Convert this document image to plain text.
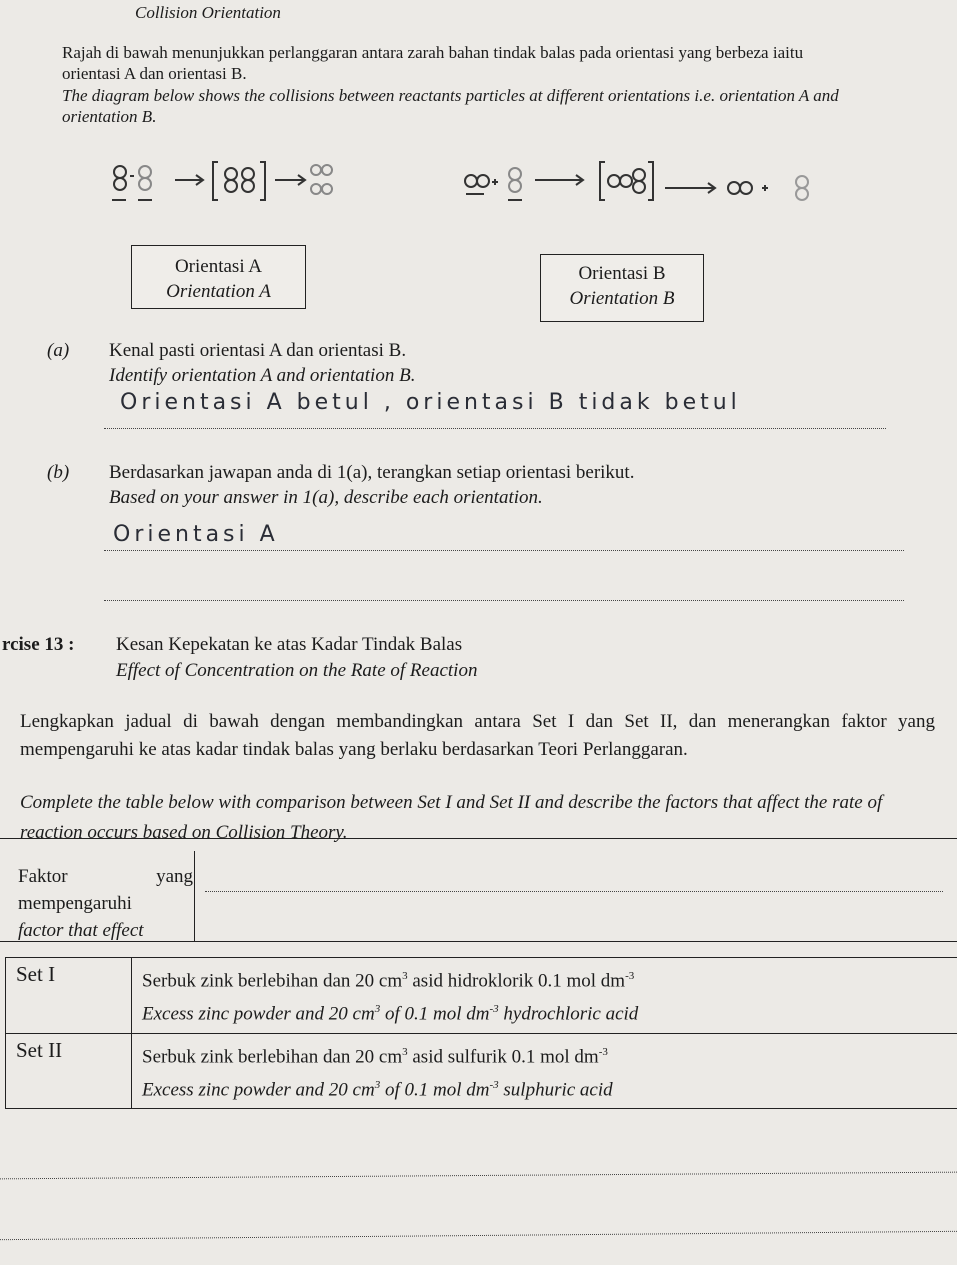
Collision Orientation
Rajah di bawah menunjukkan perlanggaran antara zarah bahan tindak balas pada orientasi yang berbeza iaitu orientasi A dan orientasi B.
The diagram below shows the collisions between reactants particles at different orientations i.e. orientation A and orientation B.
Orientasi A
Orientation A
Orientasi B
Orientation B
(a) Kenal pasti orientasi A dan orientasi B.
Identify orientation A and orientation B.
Orientasi A betul , orientasi B tidak betul
(b) Berdasarkan jawapan anda di 1(a), terangkan setiap orientasi berikut.
Based on your answer in 1(a), describe each orientation.
Orientasi A
rcise 13 : Kesan Kepekatan ke atas Kadar Tindak Balas
Effect of Concentration on the Rate of Reaction
Lengkapkan jadual di bawah dengan membandingkan antara Set I dan Set II, dan menerangkan faktor yang mempengaruhi ke atas kadar tindak balas yang berlaku berdasarkan Teori Perlanggaran.
Complete the table below with comparison between Set I and Set II and describe the factors that affect the rate of reaction occurs based on Collision Theory.
Faktor	yang
mempengaruhi
factor that effect
Set I	Serbuk zink berlebihan dan 20 $cm^3$ asid hidroklorik 0.1 mol $dm^{-3}$
Excess zinc powder and 20 $cm^3$ of 0.1 mol $dm^{-3}$ hydrochloric acid

Set II	Serbuk zink berlebihan dan 20 $cm^3$ asid sulfurik 0.1 mol $dm^{-3}$
Excess zinc powder and 20 $cm^3$ of 0.1 mol $dm^{-3}$ sulphuric acid
